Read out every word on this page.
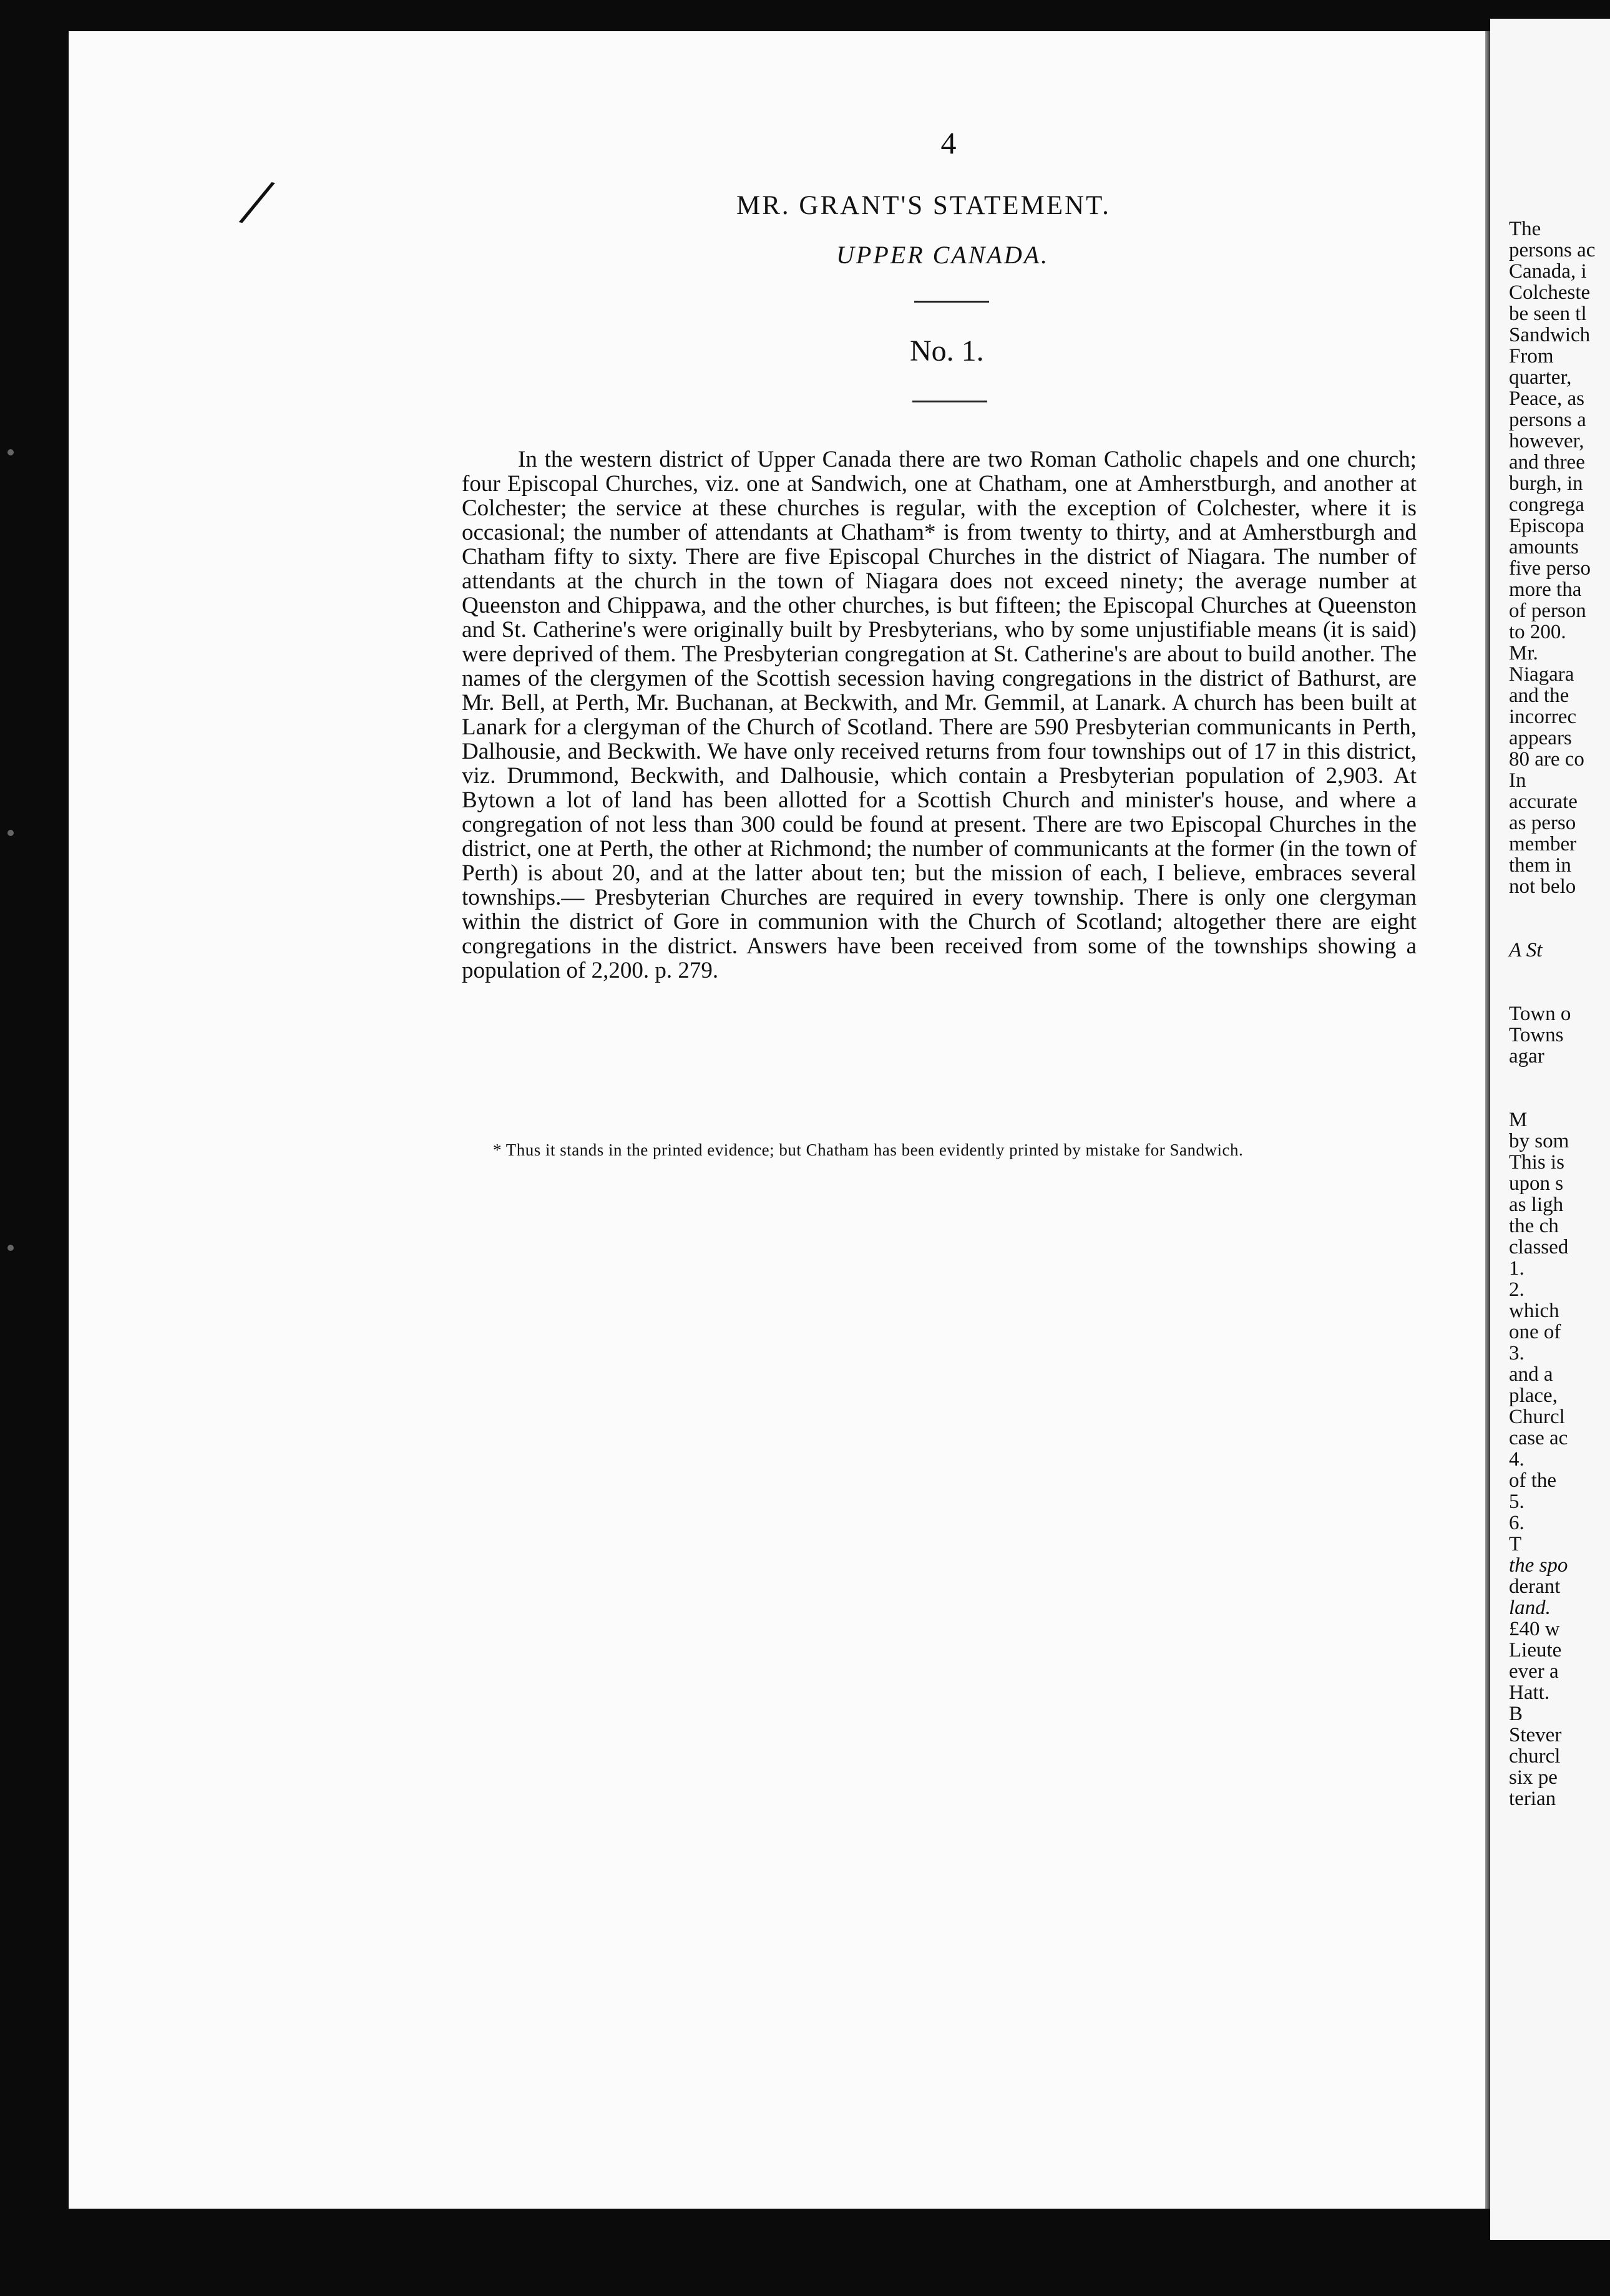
/
4
MR. GRANT'S STATEMENT.
UPPER CANADA.
No. 1.

In the western district of Upper Canada there are two Roman Catholic chapels and one church; four Episcopal Churches, viz. one at Sandwich, one at Chatham, one at Amherstburgh, and another at Colchester; the service at these churches is regular, with the exception of Colchester, where it is occasional; the number of attendants at Chatham* is from twenty to thirty, and at Amherstburgh and Chatham fifty to sixty. There are five Episcopal Churches in the district of Niagara. The number of attendants at the church in the town of Niagara does not exceed ninety; the average number at Queenston and Chippawa, and the other churches, is but fifteen; the Episcopal Churches at Queenston and St. Catherine's were originally built by Presbyterians, who by some unjustifiable means (it is said) were deprived of them. The Presbyterian congregation at St. Catherine's are about to build another. The names of the clergymen of the Scottish secession having congregations in the district of Bathurst, are Mr. Bell, at Perth, Mr. Buchanan, at Beckwith, and Mr. Gemmil, at Lanark. A church has been built at Lanark for a clergyman of the Church of Scotland. There are 590 Presbyterian communicants in Perth, Dalhousie, and Beckwith. We have only received returns from four townships out of 17 in this district, viz. Drummond, Beckwith, and Dalhousie, which contain a Presbyterian population of 2,903. At Bytown a lot of land has been allotted for a Scottish Church and minister's house, and where a congregation of not less than 300 could be found at present. There are two Episcopal Churches in the district, one at Perth, the other at Richmond; the number of communicants at the former (in the town of Perth) is about 20, and at the latter about ten; but the mission of each, I believe, embraces several townships.— Presbyterian Churches are required in every township. There is only one clergyman within the district of Gore in communion with the Church of Scotland; altogether there are eight congregations in the district. Answers have been received from some of the townships showing a population of 2,200. p. 279.

* Thus it stands in the printed evidence; but Chatham has been evidently printed by mistake for Sandwich.
The
persons ac
Canada, i
Colcheste
be seen tl
Sandwich
From
quarter,
Peace, as
persons a
however,
and three
burgh, in
congrega
Episcopa
amounts
five perso
more tha
of person
to 200.
Mr.
Niagara
and the
incorrec
appears
80 are co
In
accurate
as perso
member
them in
not belo
A St
Town o
Towns
agar
M
by som
This is
upon s
as ligh
the ch
classed
1.
2.
which
one of
3.
and a
place,
Churcl
case ac
4.
of the
5.
6.
T
the spo
derant
land.
£40 w
Lieute
ever a
Hatt.
B
Stever
churcl
six pe
terian
